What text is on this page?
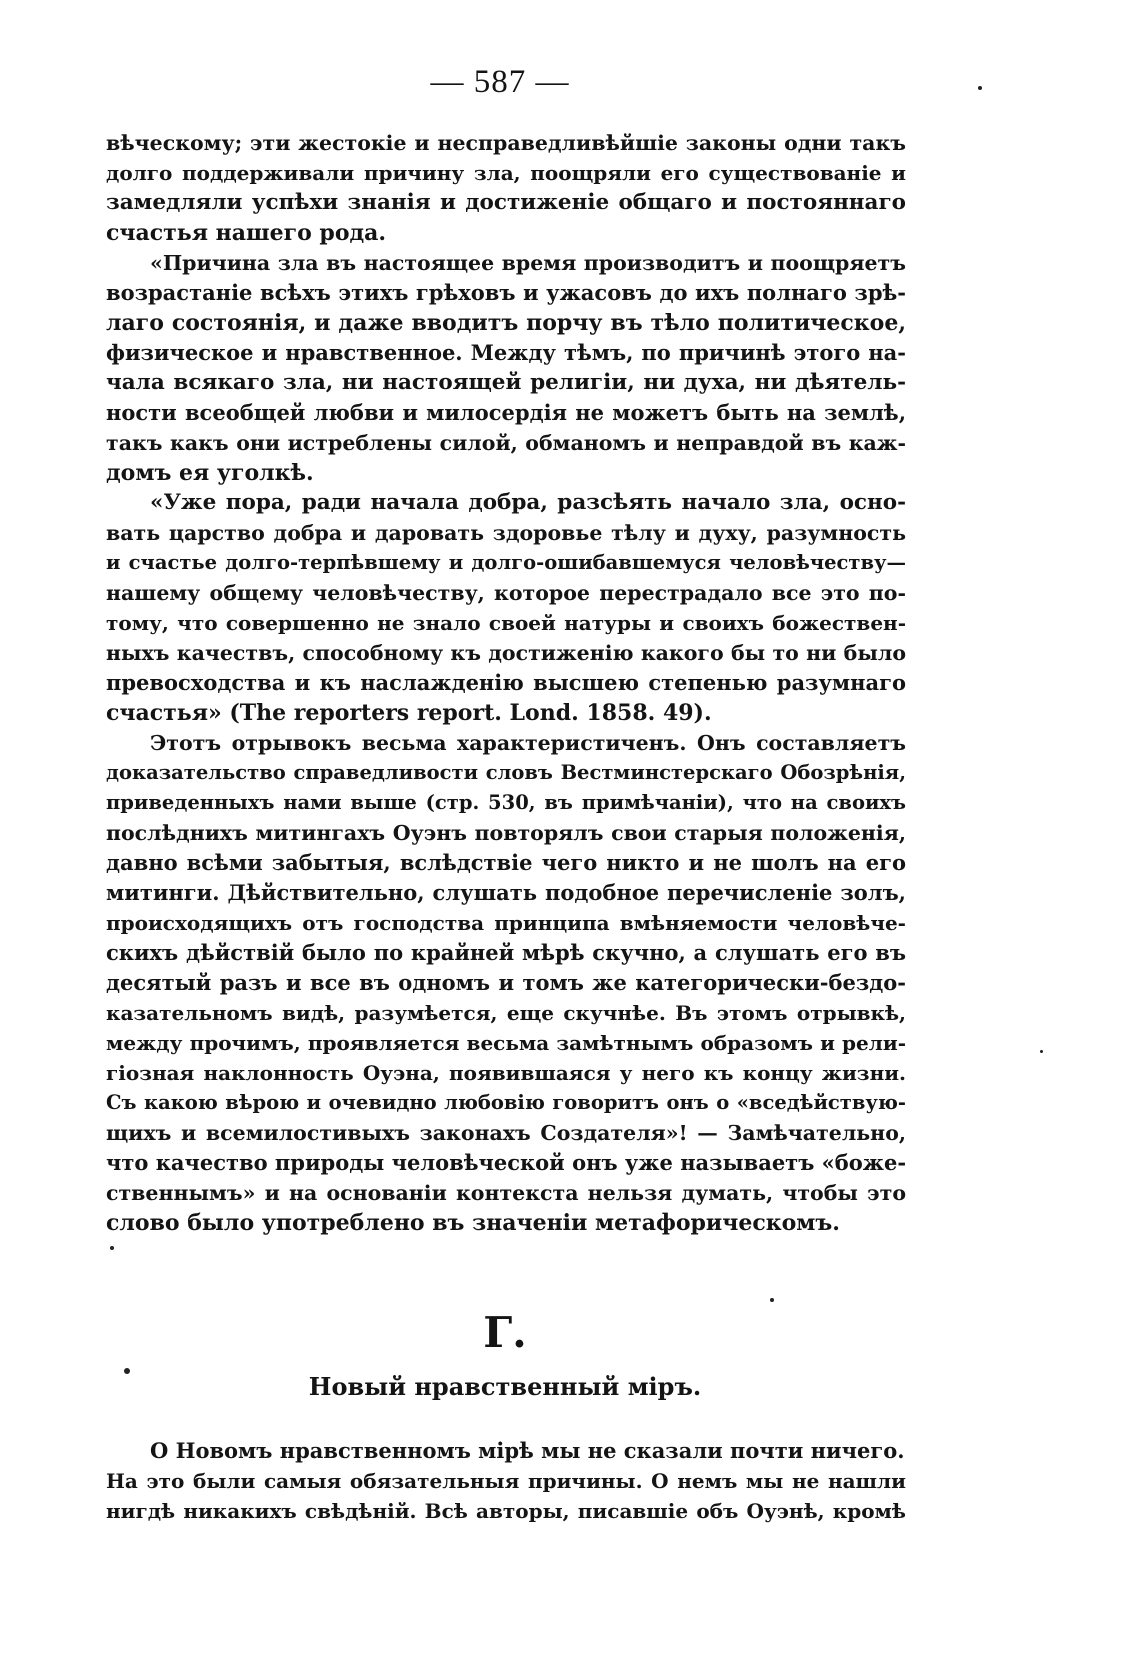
— 587 —
вѣческому; эти жестокіе и несправедливѣйшіе законы одни такъ
долго поддерживали причину зла, поощряли его существованіе и
замедляли успѣхи знанія и достиженіе общаго и постояннаго
счастья нашего рода.
«Причина зла въ настоящее время производитъ и поощряетъ
возрастаніе всѣхъ этихъ грѣховъ и ужасовъ до ихъ полнаго зрѣ-
лаго состоянія, и даже вводитъ порчу въ тѣло политическое,
физическое и нравственное. Между тѣмъ, по причинѣ этого на-
чала всякаго зла, ни настоящей религіи, ни духа, ни дѣятель-
ности всеобщей любви и милосердія не можетъ быть на землѣ,
такъ какъ они истреблены силой, обманомъ и неправдой въ каж-
домъ ея уголкѣ.
«Уже пора, ради начала добра, разсѣять начало зла, осно-
вать царство добра и даровать здоровье тѣлу и духу, разумность
и счастье долго-терпѣвшему и долго-ошибавшемуся человѣчеству—
нашему общему человѣчеству, которое перестрадало все это по-
тому, что совершенно не знало своей натуры и своихъ божествен-
ныхъ качествъ, способному къ достиженію какого бы то ни было
превосходства и къ наслажденію высшею степенью разумнаго
счастья» (The reporters report. Lond. 1858. 49).
Этотъ отрывокъ весьма характеристиченъ. Онъ составляетъ
доказательство справедливости словъ Вестминстерскаго Обозрѣнія,
приведенныхъ нами выше (стр. 530, въ примѣчаніи), что на своихъ
послѣднихъ митингахъ Оуэнъ повторялъ свои старыя положенія,
давно всѣми забытыя, вслѣдствіе чего никто и не шолъ на его
митинги. Дѣйствительно, слушать подобное перечисленіе золъ,
происходящихъ отъ господства принципа вмѣняемости человѣче-
скихъ дѣйствій было по крайней мѣрѣ скучно, а слушать его въ
десятый разъ и все въ одномъ и томъ же категорически-бездо-
казательномъ видѣ, разумѣется, еще скучнѣе. Въ этомъ отрывкѣ,
между прочимъ, проявляется весьма замѣтнымъ образомъ и рели-
гіозная наклонность Оуэна, появившаяся у него къ концу жизни.
Съ какою вѣрою и очевидно любовію говоритъ онъ о «вседѣйствую-
щихъ и всемилостивыхъ законахъ Создателя»! — Замѣчательно,
что качество природы человѣческой онъ уже называетъ «боже-
ственнымъ» и на основаніи контекста нельзя думать, чтобы это
слово было употреблено въ значеніи метафорическомъ.
Г.
Новый нравственный міръ.
О Новомъ нравственномъ мірѣ мы не сказали почти ничего.
На это были самыя обязательныя причины. О немъ мы не нашли
нигдѣ никакихъ свѣдѣній. Всѣ авторы, писавшіе объ Оуэнѣ, кромѣ
